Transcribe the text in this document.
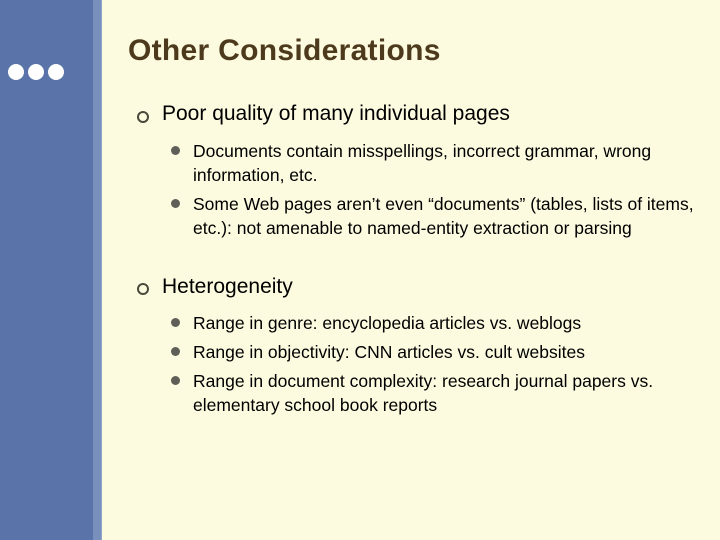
Other Considerations
Poor quality of many individual pages
Documents contain misspellings, incorrect grammar, wrong information, etc.
Some Web pages aren’t even “documents” (tables, lists of items, etc.): not amenable to named-entity extraction or parsing
Heterogeneity
Range in genre: encyclopedia articles vs. weblogs
Range in objectivity: CNN articles vs. cult websites
Range in document complexity: research journal papers vs. elementary school book reports
